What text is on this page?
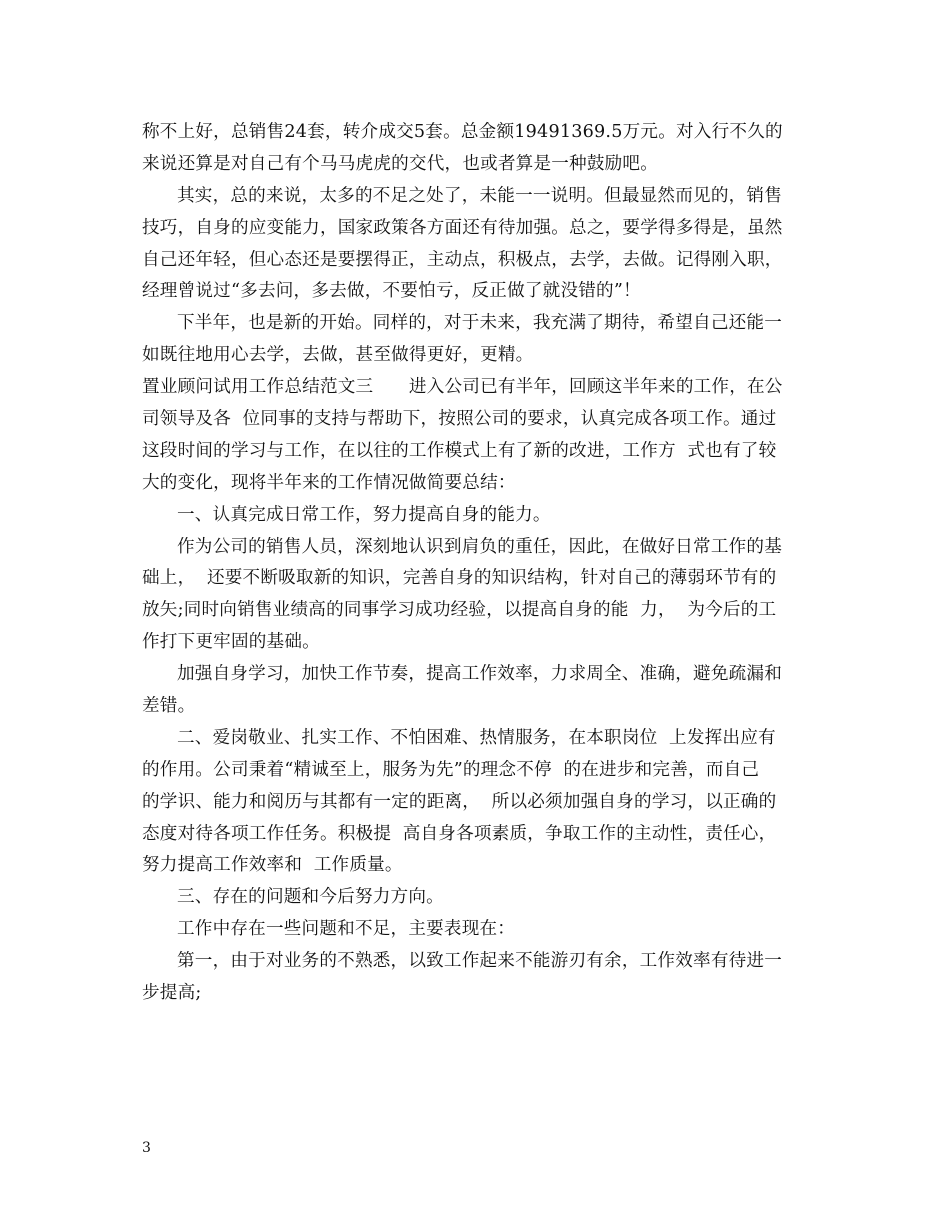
称不上好，总销售24套，转介成交5套。总金额19491369.5万元。对入行不久的
来说还算是对自己有个马马虎虎的交代，也或者算是一种鼓励吧。
其实，总的来说，太多的不足之处了，未能一一说明。但最显然而见的，销售
技巧，自身的应变能力，国家政策各方面还有待加强。总之，要学得多得是，虽然
自己还年轻，但心态还是要摆得正，主动点，积极点，去学，去做。记得刚入职，
经理曾说过“多去问，多去做，不要怕亏，反正做了就没错的”！
下半年，也是新的开始。同样的，对于未来，我充满了期待，希望自己还能一
如既往地用心去学，去做，甚至做得更好，更精。
置业顾问试用工作总结范文三　　进入公司已有半年，回顾这半年来的工作，在公
司领导及各  位同事的支持与帮助下，按照公司的要求，认真完成各项工作。通过
这段时间的学习与工作，在以往的工作模式上有了新的改进，工作方  式也有了较
大的变化，现将半年来的工作情况做简要总结：
一、认真完成日常工作，努力提高自身的能力。
作为公司的销售人员，深刻地认识到肩负的重任，因此，在做好日常工作的基
础上，  还要不断吸取新的知识，完善自身的知识结构，针对自己的薄弱环节有的
放矢;同时向销售业绩高的同事学习成功经验，以提高自身的能  力，  为今后的工
作打下更牢固的基础。
加强自身学习，加快工作节奏，提高工作效率，力求周全、准确，避免疏漏和
差错。
二、爱岗敬业、扎实工作、不怕困难、热情服务，在本职岗位  上发挥出应有
的作用。公司秉着“精诚至上，服务为先”的理念不停  的在进步和完善，而自己
的学识、能力和阅历与其都有一定的距离，  所以必须加强自身的学习，以正确的
态度对待各项工作任务。积极提  高自身各项素质，争取工作的主动性，责任心，
努力提高工作效率和  工作质量。
三、存在的问题和今后努力方向。
工作中存在一些问题和不足，主要表现在：
第一，由于对业务的不熟悉，以致工作起来不能游刃有余，工作效率有待进一
步提高;
3
